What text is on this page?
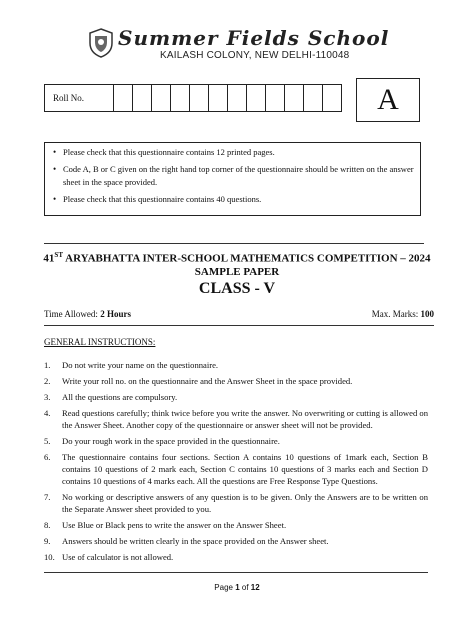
Summer Fields School
KAILASH COLONY, NEW DELHI-110048
Roll No.													A
• Please check that this questionnaire contains 12 printed pages.
• Code A, B or C given on the right hand top corner of the questionnaire should be written on the answer sheet in the space provided.
• Please check that this questionnaire contains 40 questions.
41ST ARYABHATTA INTER-SCHOOL MATHEMATICS COMPETITION – 2024
SAMPLE PAPER
CLASS - V
Time Allowed: 2 Hours	Max. Marks: 100
GENERAL INSTRUCTIONS:
1.	Do not write your name on the questionnaire.
2.	Write your roll no. on the questionnaire and the Answer Sheet in the space provided.
3.	All the questions are compulsory.
4.	Read questions carefully; think twice before you write the answer. No overwriting or cutting is allowed on the Answer Sheet. Another copy of the questionnaire or answer sheet will not be provided.
5.	Do your rough work in the space provided in the questionnaire.
6.	The questionnaire contains four sections. Section A contains 10 questions of 1mark each, Section B contains 10 questions of 2 mark each, Section C contains 10 questions of 3 marks each and Section D contains 10 questions of 4 marks each. All the questions are Free Response Type Questions.
7.	No working or descriptive answers of any question is to be given. Only the Answers are to be written on the Separate Answer sheet provided to you.
8.	Use Blue or Black pens to write the answer on the Answer Sheet.
9.	Answers should be written clearly in the space provided on the Answer sheet.
10. Use of calculator is not allowed.
Page 1 of 12
